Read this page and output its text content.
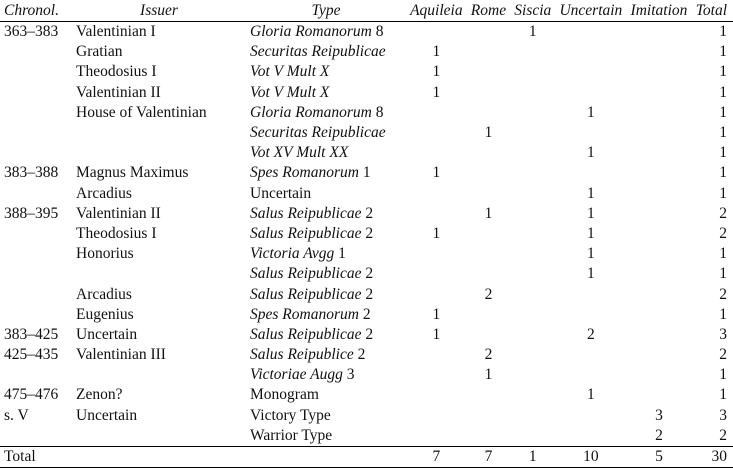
Chronol.	Issuer	Type	Aquileia	Rome	Siscia	Uncertain	Imitation	Total
363–383	Valentinian I	Gloria Romanorum 8			1			1
	Gratian	Securitas Reipublicae	1					1
	Theodosius I	Vot V Mult X	1					1
	Valentinian II	Vot V Mult X	1					1
	House of Valentinian	Gloria Romanorum 8				1		1
		Securitas Reipublicae		1				1
		Vot XV Mult XX				1		1
383–388	Magnus Maximus	Spes Romanorum 1	1					1
	Arcadius	Uncertain				1		1
388–395	Valentinian II	Salus Reipublicae 2		1		1		2
	Theodosius I	Salus Reipublicae 2	1			1		2
	Honorius	Victoria Avgg 1				1		1
		Salus Reipublicae 2				1		1
	Arcadius	Salus Reipublicae 2		2				2
	Eugenius	Spes Romanorum 2	1					1
383–425	Uncertain	Salus Reipublicae 2	1			2		3
425–435	Valentinian III	Salus Reipublice 2		2				2
		Victoriae Augg 3		1				1
475–476	Zenon?	Monogram				1		1
s. V	Uncertain	Victory Type					3	3
		Warrior Type					2	2
Total			7	7	1	10	5	30
